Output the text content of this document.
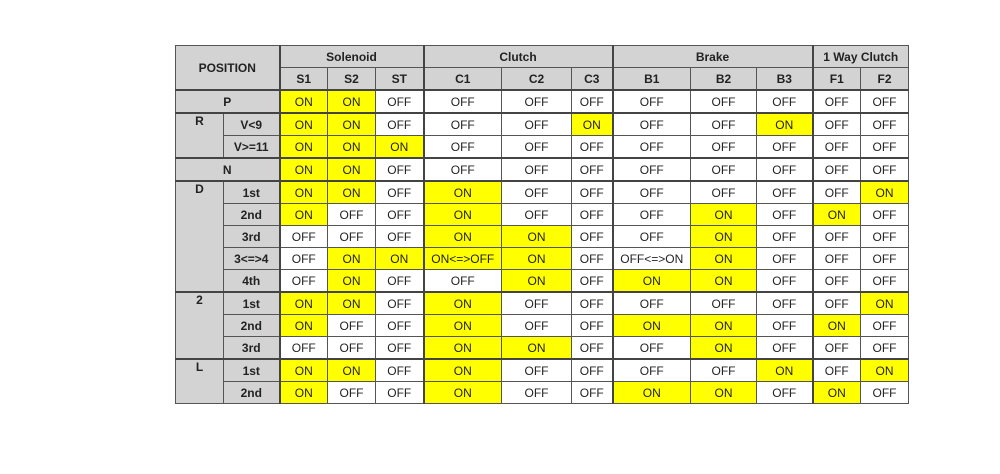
POSITION		Solenoid			Clutch			Brake			1 Way Clutch	
		S1	S2	ST	C1	C2	C3	B1	B2	B3	F1	F2
P		ON	ON	OFF	OFF	OFF	OFF	OFF	OFF	OFF	OFF	OFF
R	V<9	ON	ON	OFF	OFF	OFF	ON	OFF	OFF	ON	OFF	OFF
	V>=11	ON	ON	ON	OFF	OFF	OFF	OFF	OFF	OFF	OFF	OFF
N		ON	ON	OFF	OFF	OFF	OFF	OFF	OFF	OFF	OFF	OFF
D	1st	ON	ON	OFF	ON	OFF	OFF	OFF	OFF	OFF	OFF	ON
	2nd	ON	OFF	OFF	ON	OFF	OFF	OFF	ON	OFF	ON	OFF
	3rd	OFF	OFF	OFF	ON	ON	OFF	OFF	ON	OFF	OFF	OFF
	3<=>4	OFF	ON	ON	ON<=>OFF	ON	OFF	OFF<=>ON	ON	OFF	OFF	OFF
	4th	OFF	ON	OFF	OFF	ON	OFF	ON	ON	OFF	OFF	OFF
2	1st	ON	ON	OFF	ON	OFF	OFF	OFF	OFF	OFF	OFF	ON
	2nd	ON	OFF	OFF	ON	OFF	OFF	ON	ON	OFF	ON	OFF
	3rd	OFF	OFF	OFF	ON	ON	OFF	OFF	ON	OFF	OFF	OFF
L	1st	ON	ON	OFF	ON	OFF	OFF	OFF	OFF	ON	OFF	ON
	2nd	ON	OFF	OFF	ON	OFF	OFF	ON	ON	OFF	ON	OFF
